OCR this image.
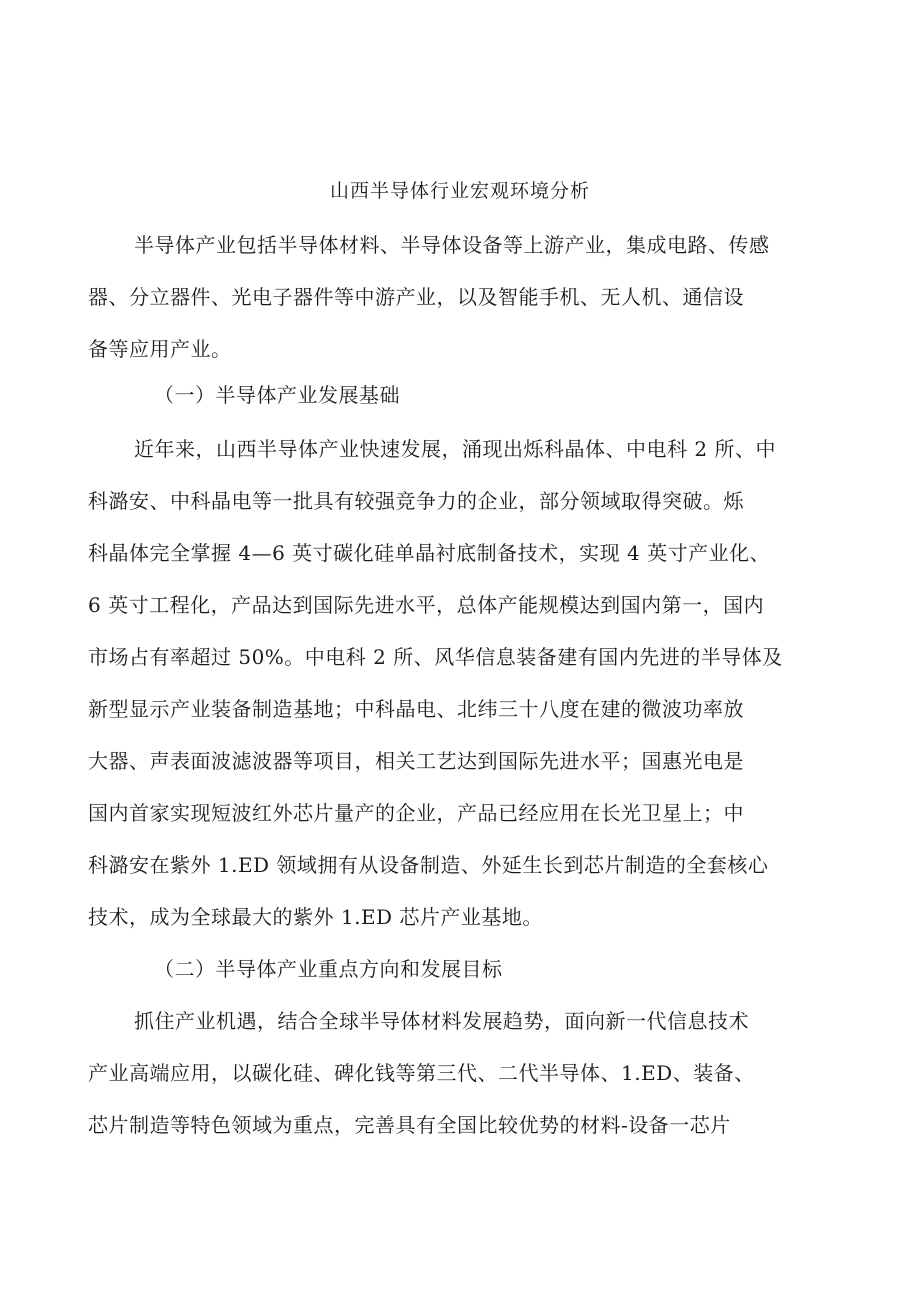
山西半导体行业宏观环境分析
半导体产业包括半导体材料、半导体设备等上游产业，集成电路、传感
器、分立器件、光电子器件等中游产业，以及智能手机、无人机、通信设
备等应用产业。
（一）半导体产业发展基础
近年来，山西半导体产业快速发展，涌现出烁科晶体、中电科 2 所、中
科潞安、中科晶电等一批具有较强竞争力的企业，部分领域取得突破。烁
科晶体完全掌握 4—6 英寸碳化硅单晶衬底制备技术，实现 4 英寸产业化、
6 英寸工程化，产品达到国际先进水平，总体产能规模达到国内第一，国内
市场占有率超过 50%。中电科 2 所、风华信息装备建有国内先进的半导体及
新型显示产业装备制造基地；中科晶电、北纬三十八度在建的微波功率放
大器、声表面波滤波器等项目，相关工艺达到国际先进水平；国惠光电是
国内首家实现短波红外芯片量产的企业，产品已经应用在长光卫星上；中
科潞安在紫外 1.ED 领域拥有从设备制造、外延生长到芯片制造的全套核心
技术，成为全球最大的紫外 1.ED 芯片产业基地。
（二）半导体产业重点方向和发展目标
抓住产业机遇，结合全球半导体材料发展趋势，面向新一代信息技术
产业高端应用，以碳化硅、碑化钱等第三代、二代半导体、1.ED、装备、
芯片制造等特色领域为重点，完善具有全国比较优势的材料-设备一芯片
